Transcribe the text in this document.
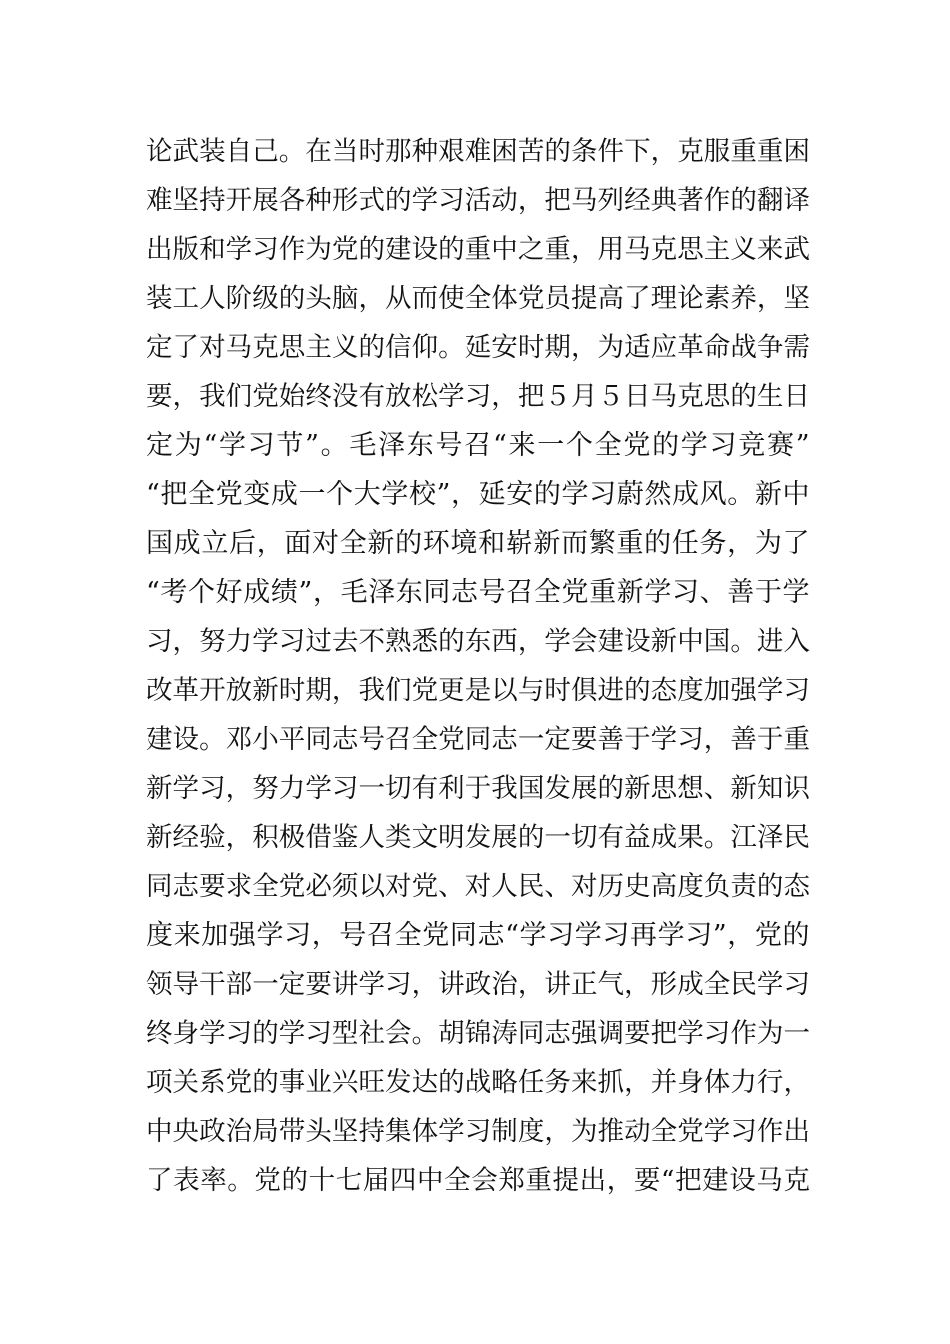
论武装自己。在当时那种艰难困苦的条件下，克服重重困
难坚持开展各种形式的学习活动，把马列经典著作的翻译
出版和学习作为党的建设的重中之重，用马克思主义来武
装工人阶级的头脑，从而使全体党员提高了理论素养，坚
定了对马克思主义的信仰。延安时期，为适应革命战争需
要，我们党始终没有放松学习，把５月５日马克思的生日
定为“学习节”。毛泽东号召“来一个全党的学习竞赛”
“把全党变成一个大学校”，延安的学习蔚然成风。新中
国成立后，面对全新的环境和崭新而繁重的任务，为了
“考个好成绩”，毛泽东同志号召全党重新学习、善于学
习，努力学习过去不熟悉的东西，学会建设新中国。进入
改革开放新时期，我们党更是以与时俱进的态度加强学习
建设。邓小平同志号召全党同志一定要善于学习，善于重
新学习，努力学习一切有利于我国发展的新思想、新知识
新经验，积极借鉴人类文明发展的一切有益成果。江泽民
同志要求全党必须以对党、对人民、对历史高度负责的态
度来加强学习，号召全党同志“学习学习再学习”，党的
领导干部一定要讲学习，讲政治，讲正气，形成全民学习
终身学习的学习型社会。胡锦涛同志强调要把学习作为一
项关系党的事业兴旺发达的战略任务来抓，并身体力行，
中央政治局带头坚持集体学习制度，为推动全党学习作出
了表率。党的十七届四中全会郑重提出，要“把建设马克
